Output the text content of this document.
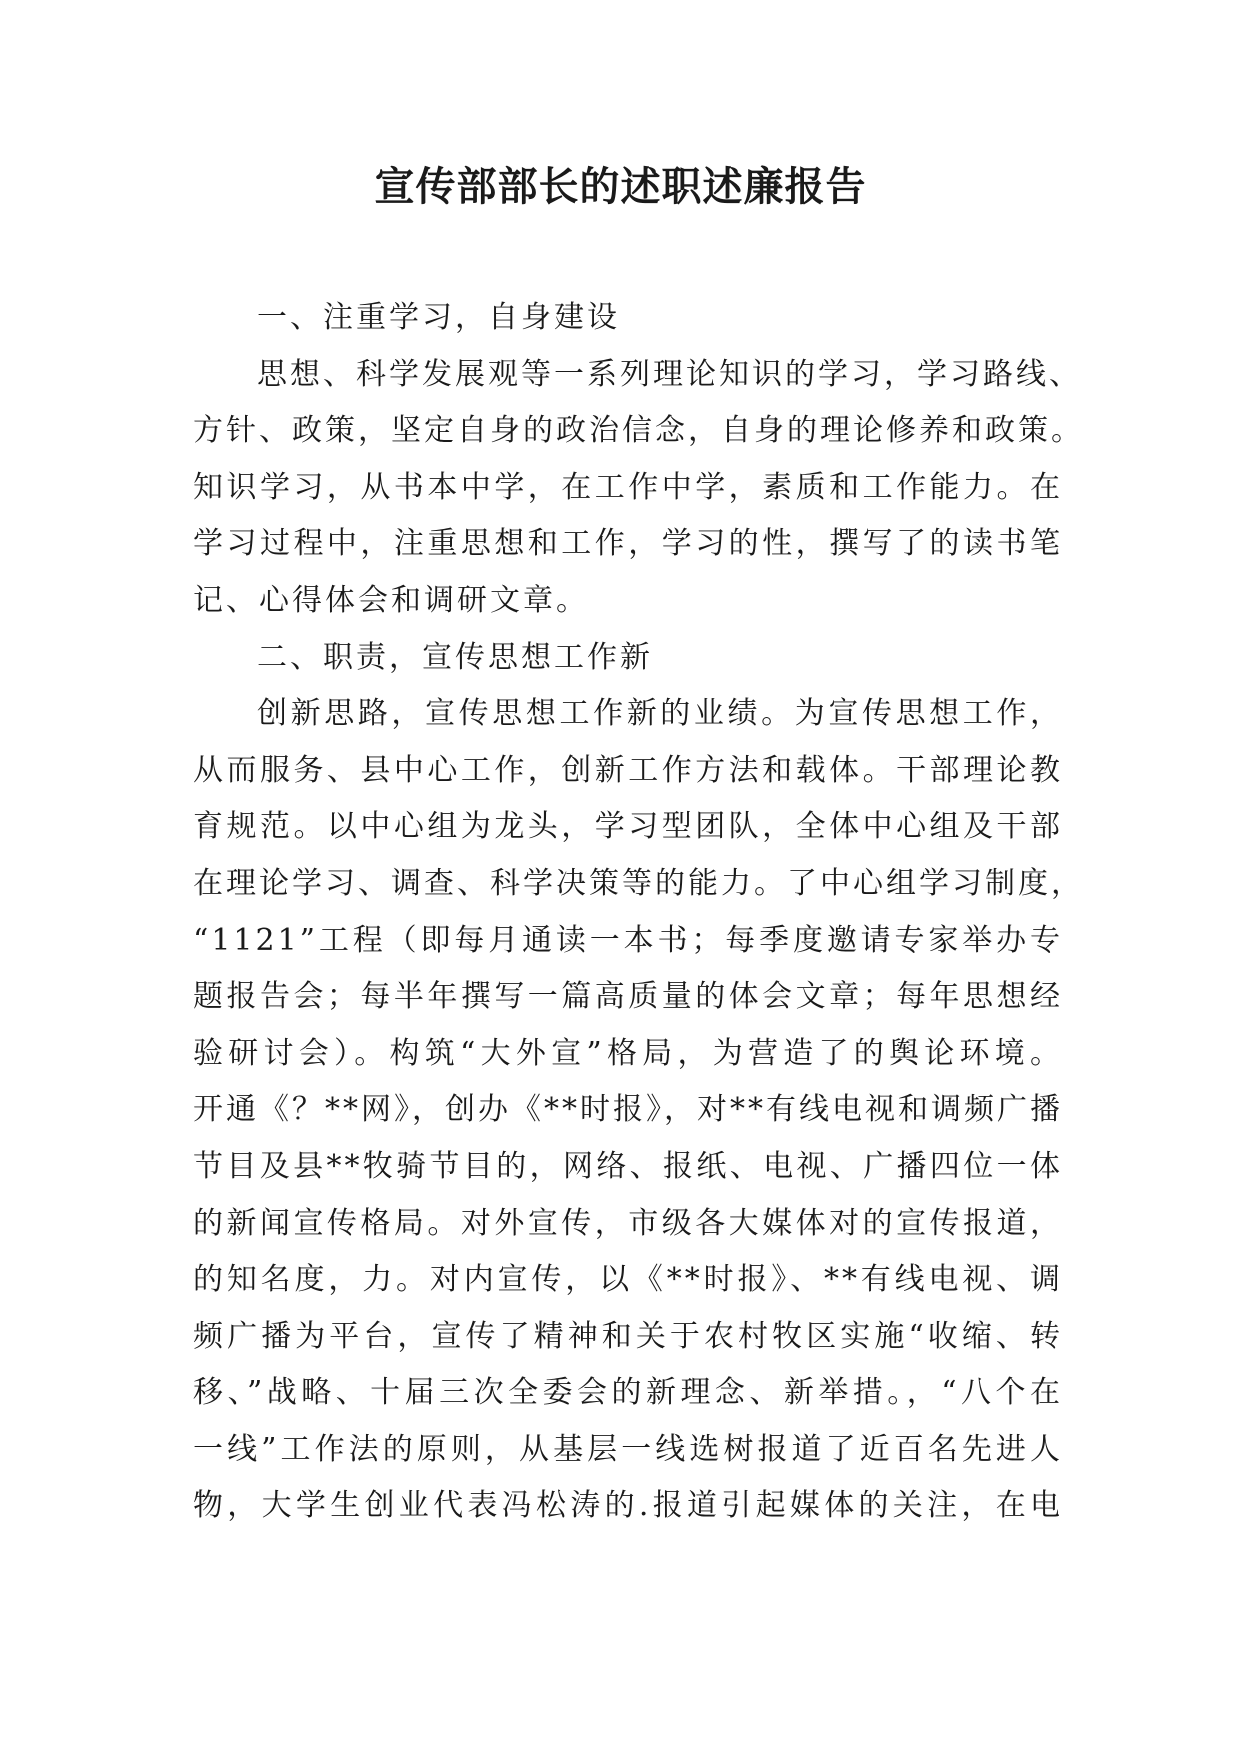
宣传部部长的述职述廉报告
一、注重学习，自身建设
思想、科学发展观等一系列理论知识的学习，学习路线、
方针、政策，坚定自身的政治信念，自身的理论修养和政策。
知识学习，从书本中学，在工作中学，素质和工作能力。在
学习过程中，注重思想和工作，学习的性，撰写了的读书笔
记、心得体会和调研文章。
二、职责，宣传思想工作新
创新思路，宣传思想工作新的业绩。为宣传思想工作，
从而服务、县中心工作，创新工作方法和载体。干部理论教
育规范。以中心组为龙头，学习型团队，全体中心组及干部
在理论学习、调查、科学决策等的能力。了中心组学习制度，
“1121”工程（即每月通读一本书；每季度邀请专家举办专
题报告会；每半年撰写一篇高质量的体会文章；每年思想经
验研讨会）。构筑“大外宣”格局，为营造了的舆论环境。
开通《？**网》，创办《**时报》，对**有线电视和调频广播
节目及县**牧骑节目的，网络、报纸、电视、广播四位一体
的新闻宣传格局。对外宣传，市级各大媒体对的宣传报道，
的知名度，力。对内宣传，以《**时报》、**有线电视、调
频广播为平台，宣传了精神和关于农村牧区实施“收缩、转
移、”战略、十届三次全委会的新理念、新举措。，“八个在
一线”工作法的原则，从基层一线选树报道了近百名先进人
物，大学生创业代表冯松涛的.报道引起媒体的关注，在电
